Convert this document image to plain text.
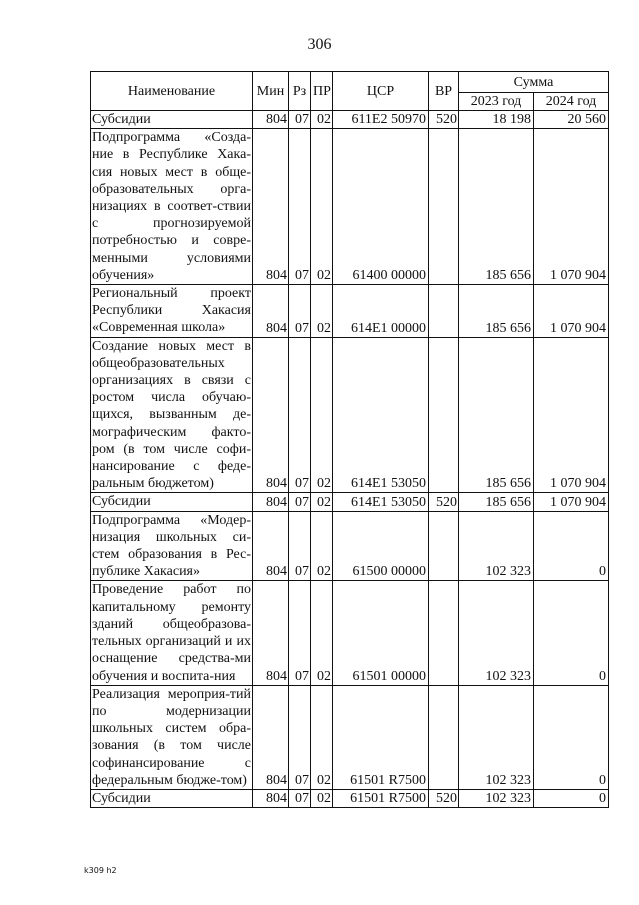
306
Наименование	Мин	Рз	ПР	ЦСР	ВР	Сумма	
						2023 год	2024 год
Субсидии	804	07	02	611E2 50970	520	18 198	20 560
Подпрограмма «Созда-ние в Республике Хака-сия новых мест в обще-образовательных орга-низациях в соответ-ствии с прогнозируемой потребностью и совре-менными условиями обучения»	804	07	02	61400 00000		185 656	1 070 904
Региональный проект Республики Хакасия «Современная школа»	804	07	02	614E1 00000		185 656	1 070 904
Создание новых мест в общеобразовательных организациях в связи с ростом числа обучаю-щихся, вызванным де-мографическим факто-ром (в том числе софи-нансирование с феде-ральным бюджетом)	804	07	02	614E1 53050		185 656	1 070 904
Субсидии	804	07	02	614E1 53050	520	185 656	1 070 904
Подпрограмма «Модер-низация школьных си-стем образования в Рес-публике Хакасия»	804	07	02	61500 00000		102 323	0
Проведение работ по капитальному ремонту зданий общеобразова-тельных организаций и их оснащение средства-ми обучения и воспита-ния	804	07	02	61501 00000		102 323	0
Реализация мероприя-тий по модернизации школьных систем обра-зования (в том числе софинансирование с федеральным бюдже-том)	804	07	02	61501 R7500		102 323	0
Субсидии	804	07	02	61501 R7500	520	102 323	0
k309 h2
